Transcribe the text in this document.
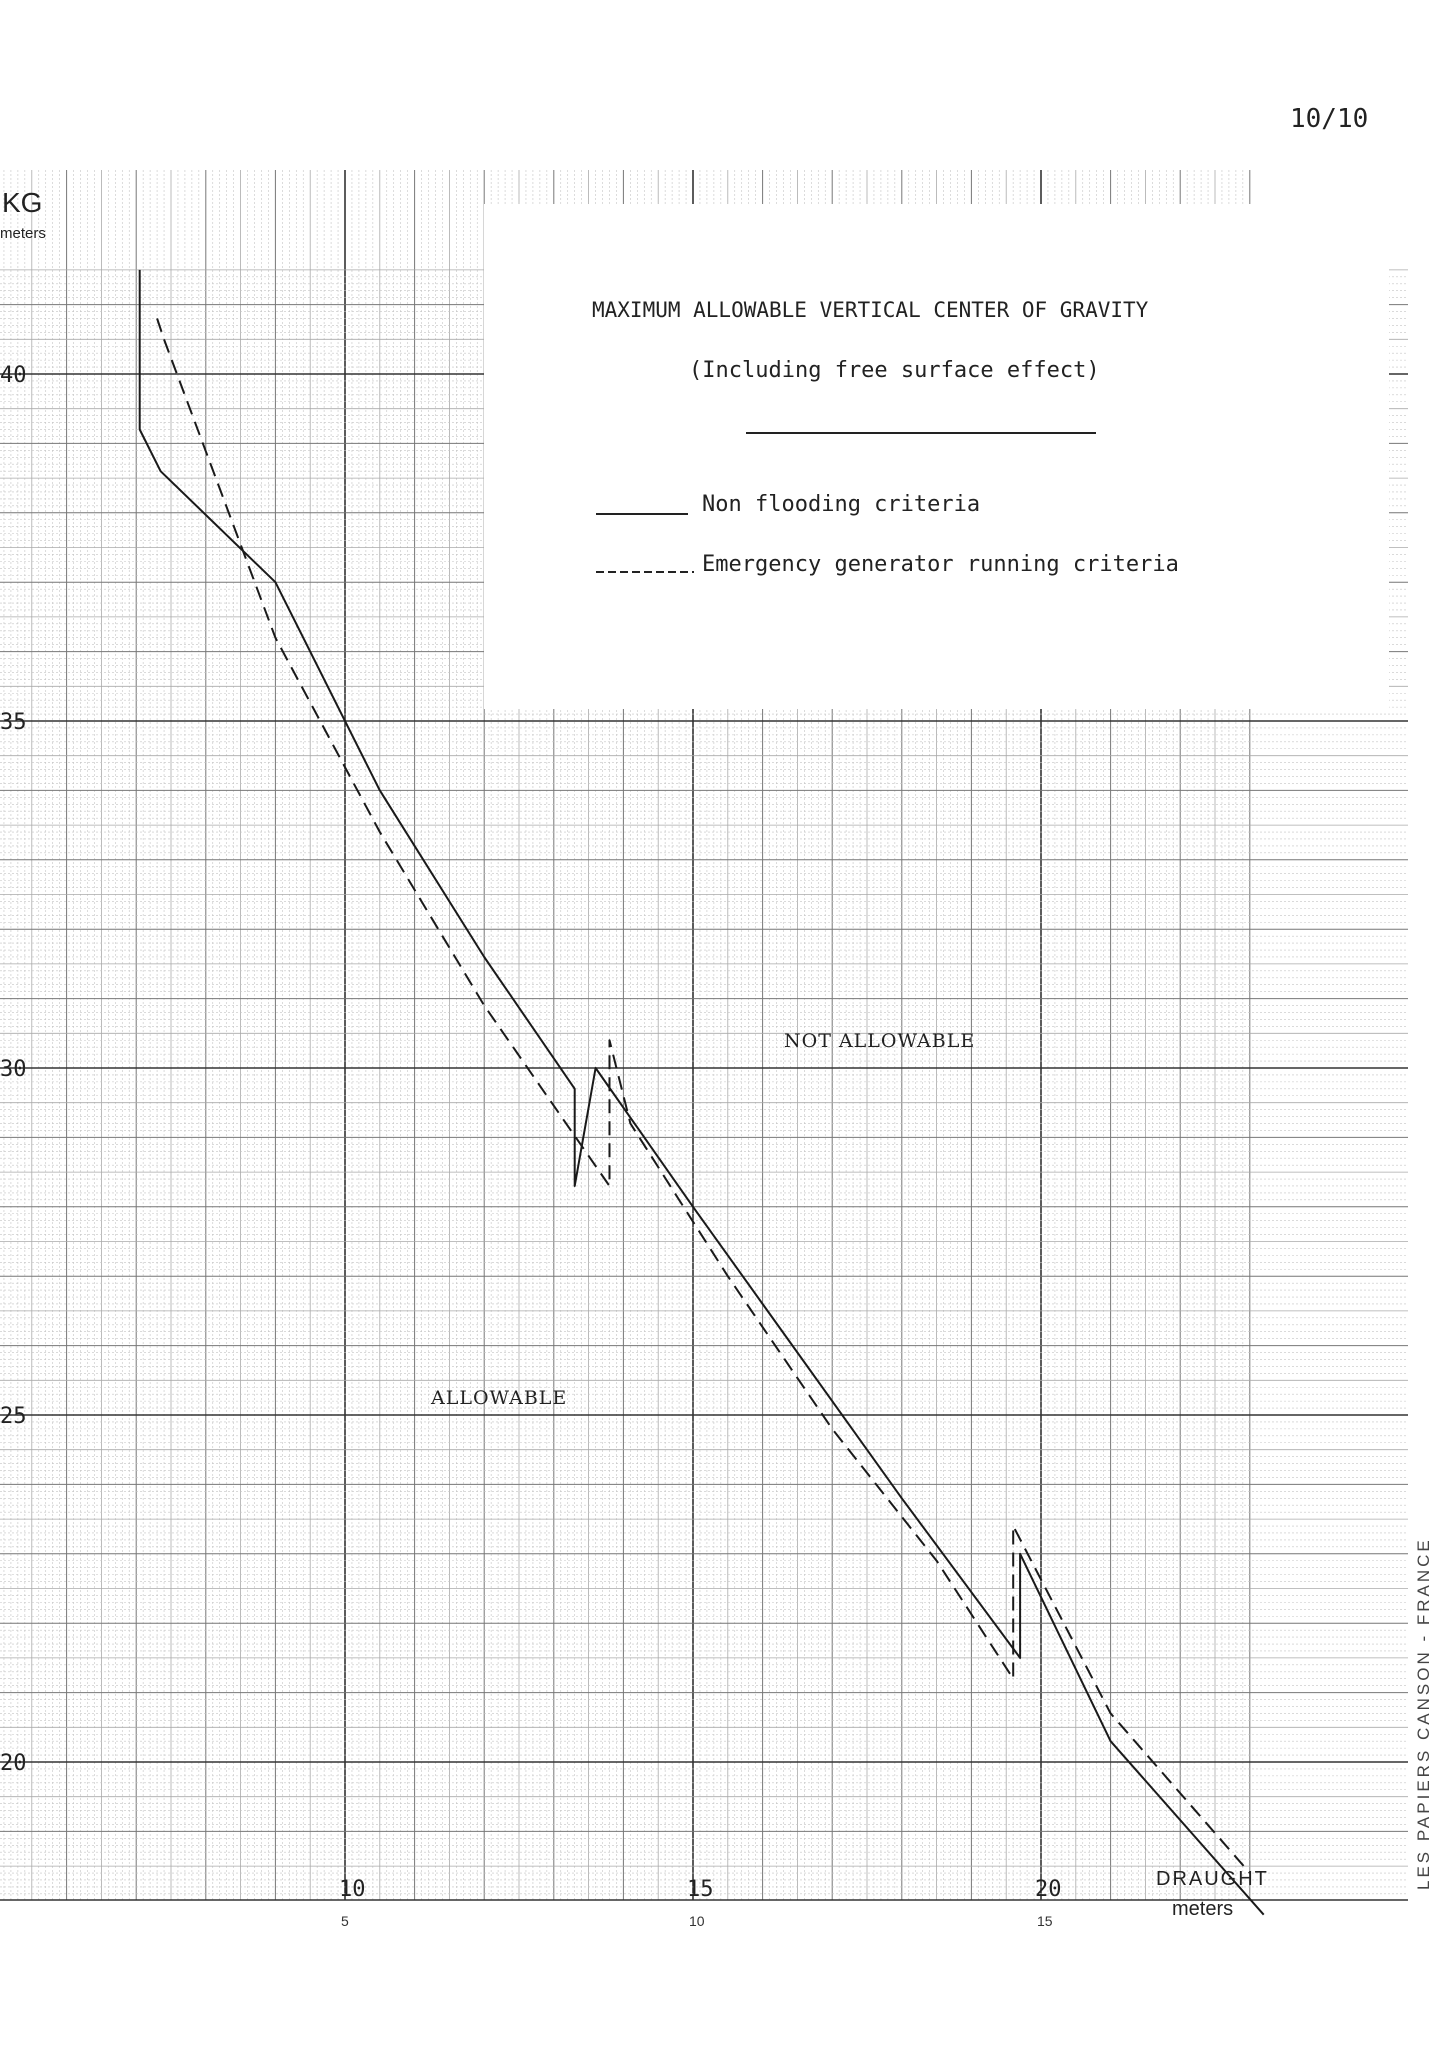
20
25
30
35
40
10	15	20
5	10	15
KG
meters
DRAUGHT
meters
NOT ALLOWABLE
ALLOWABLE
10/10
MAXIMUM ALLOWABLE VERTICAL CENTER OF GRAVITY
(Including free surface effect)
Non flooding criteria
Emergency generator running criteria
LES PAPIERS CANSON - FRANCE
